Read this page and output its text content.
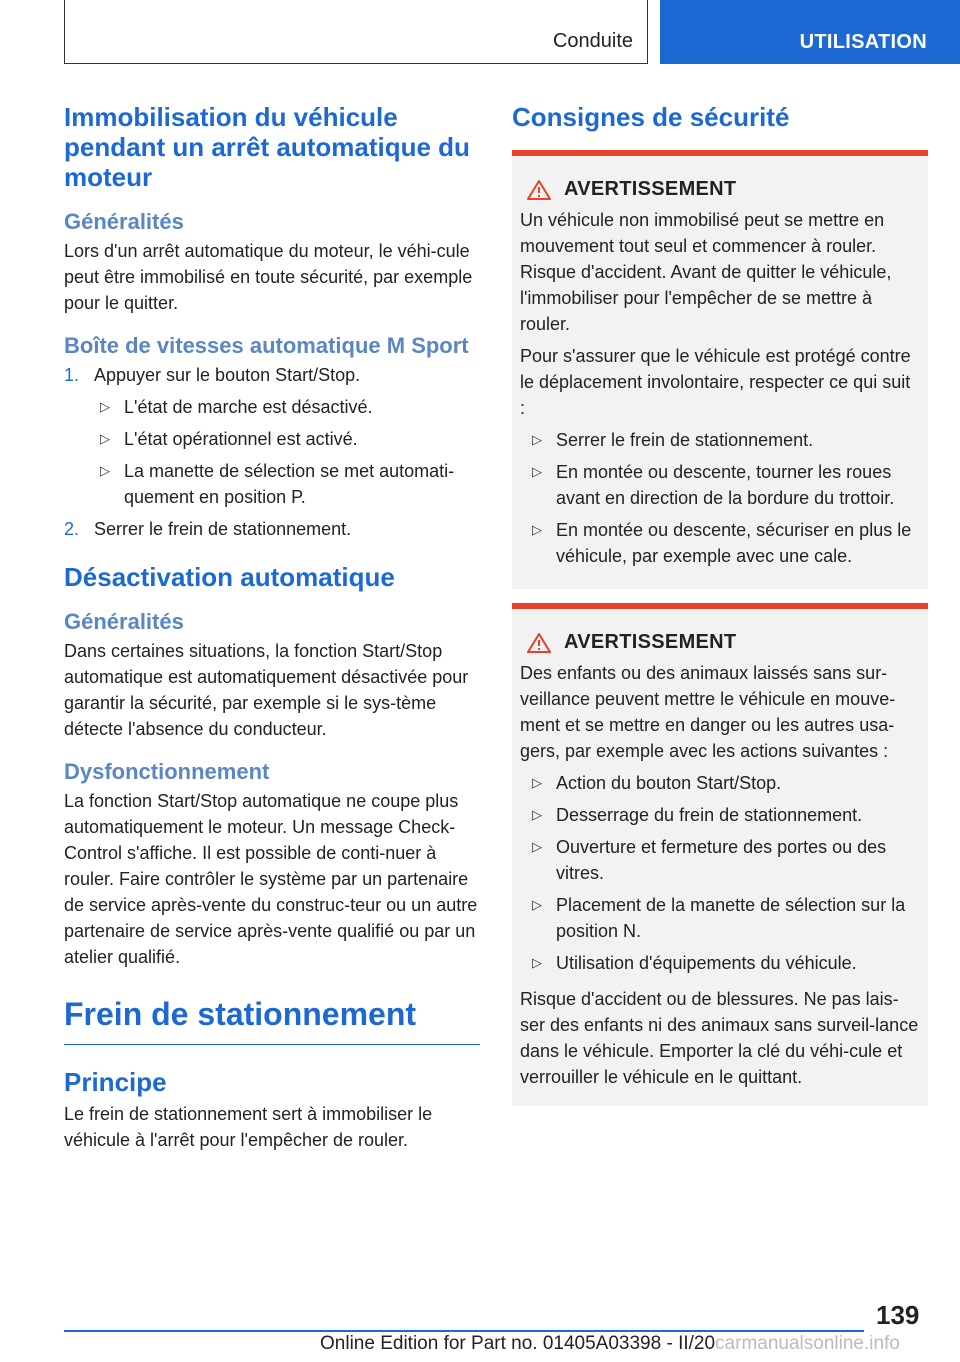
Conduite	UTILISATION
Immobilisation du véhicule pendant un arrêt automatique du moteur
Généralités

Lors d'un arrêt automatique du moteur, le véhi-cule peut être immobilisé en toute sécurité, par exemple pour le quitter.

Boîte de vitesses automatique M Sport
1. Appuyer sur le bouton Start/Stop.
▷ L'état de marche est désactivé.
▷ L'état opérationnel est activé.
▷ La manette de sélection se met automati-quement en position P.
2. Serrer le frein de stationnement.
Désactivation automatique
Généralités

Dans certaines situations, la fonction Start/Stop automatique est automatiquement désactivée pour garantir la sécurité, par exemple si le sys-tème détecte l'absence du conducteur.

Dysfonctionnement

La fonction Start/Stop automatique ne coupe plus automatiquement le moteur. Un message Check-Control s'affiche. Il est possible de conti-nuer à rouler. Faire contrôler le système par un partenaire de service après-vente du construc-teur ou un autre partenaire de service après-vente qualifié ou par un atelier qualifié.

Frein de stationnement
Principe

Le frein de stationnement sert à immobiliser le véhicule à l'arrêt pour l'empêcher de rouler.

Consignes de sécurité
AVERTISSEMENT

Un véhicule non immobilisé peut se mettre en mouvement tout seul et commencer à rouler. Risque d'accident. Avant de quitter le véhicule, l'immobiliser pour l'empêcher de se mettre à rouler.

Pour s'assurer que le véhicule est protégé contre le déplacement involontaire, respecter ce qui suit :

▷ Serrer le frein de stationnement.
▷ En montée ou descente, tourner les roues avant en direction de la bordure du trottoir.
▷ En montée ou descente, sécuriser en plus le véhicule, par exemple avec une cale.
AVERTISSEMENT

Des enfants ou des animaux laissés sans sur-veillance peuvent mettre le véhicule en mouve-ment et se mettre en danger ou les autres usa-gers, par exemple avec les actions suivantes :

▷ Action du bouton Start/Stop.
▷ Desserrage du frein de stationnement.
▷ Ouverture et fermeture des portes ou des vitres.
▷ Placement de la manette de sélection sur la position N.
▷ Utilisation d'équipements du véhicule.

Risque d'accident ou de blessures. Ne pas lais-ser des enfants ni des animaux sans surveil-lance dans le véhicule. Emporter la clé du véhi-cule et verrouiller le véhicule en le quittant.

139
Online Edition for Part no. 01405A03398 - II/20carmanualsonline.info
